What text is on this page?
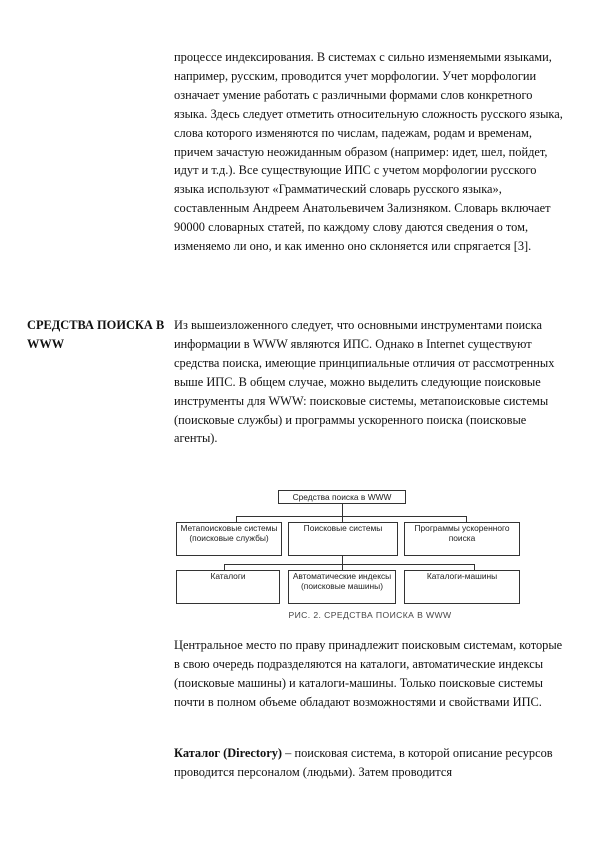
процессе индексирования. В системах с сильно изменяемыми языками, например, русским, проводится учет морфологии. Учет морфологии означает умение работать с различными формами слов конкретного языка. Здесь следует отметить относительную сложность русского языка, слова которого изменяются по числам, падежам, родам и временам, причем зачастую неожиданным образом (например: идет, шел, пойдет, идут и т.д.). Все существующие ИПС с учетом морфологии русского языка используют «Грамматический словарь русского языка», составленным Андреем Анатольевичем Зализняком. Словарь включает 90000 словарных статей, по каждому слову даются сведения о том, изменяемо ли оно, и как именно оно склоняется или спрягается [3].

СРЕДСТВА ПОИСКА В WWW

Из вышеизложенного следует, что основными инструментами поиска информации в WWW являются ИПС. Однако в Internet существуют средства поиска, имеющие принципиальные отличия от рассмотренных выше ИПС. В общем случае, можно выделить следующие поисковые инструменты для WWW: поисковые системы, метапоисковые системы (поисковые службы) и программы ускоренного поиска (поисковые агенты).

Средства поиска в WWW
Метапоисковые системы (поисковые службы)
Поисковые системы	Программы ускоренного поиска
Каталоги	Автоматические индексы (поисковые машины)
Каталоги-машины
РИС. 2. СРЕДСТВА ПОИСКА В WWW

Центральное место по праву принадлежит поисковым системам, которые в свою очередь подразделяются на каталоги, автоматические индексы (поисковые машины) и каталоги-машины. Только поисковые системы почти в полном объеме обладают возможностями и свойствами ИПС.

Каталог (Directory) – поисковая система, в которой описание ресурсов проводится персоналом (людьми). Затем проводится
